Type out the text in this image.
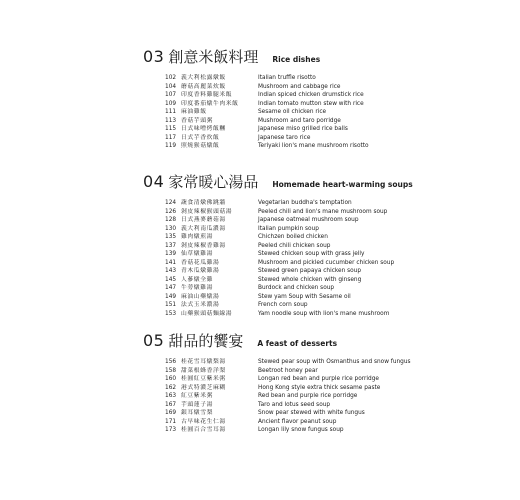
03 創意米飯料理 Rice dishes
102 義大利松露燉飯	Italian truffle risotto
104 蘑菇高麗菜炊飯	Mushroom and cabbage rice
107 印度香料雞腿米飯	Indian spiced chicken drumstick rice
109 印度番茄燉牛肉米飯	Indian tomato mutton stew with rice
111 麻油雞飯	Sesame oil chicken rice
113 香菇芋頭粥	Mushroom and taro porridge
115 日式味噌烤飯糰	Japanese miso grilled rice balls
117 日式芋香炊飯	Japanese taro rice
119 照燒猴菇燉飯	Teriyaki lion's mane mushroom risotto
04 家常暖心湯品 Homemade heart-warming soups
124 蔬食清燉佛跳牆	Vegetarian buddha's temptation
126 剝皮辣椒猴頭菇湯	Peeled chili and lion's mane mushroom soup
128 日式燕麥蘑菇湯	Japanese oatmeal mushroom soup
130 義大利南瓜濃湯	Italian pumpkin soup
135 雞肉燉煎湯	Chichzen boiled chicken
137 剝皮辣椒香雞湯	Peeled chili chicken soup
139 仙草燉雞湯	Stewed chicken soup with grass jelly
141 香菇花瓜雞湯	Mushroom and pickled cucumber chicken soup
143 青木瓜燉雞湯	Stewed green papaya chicken soup
145 人蔘燉全雞	Stewed whole chicken with ginseng
147 牛蒡燉雞湯	Burdock and chicken soup
149 麻油山藥燉湯	Stew yam Soup with Sesame oil
151 法式玉米濃湯	French corn soup
153 山藥猴頭菇麵線湯	Yam noodle soup with lion's mane mushroom
05 甜品的饗宴 A feast of desserts
156 桂花雪耳燉梨湯	Stewed pear soup with Osmanthus and snow fungus
158 甜菜根蜂香洋梨	Beetroot honey pear
160 桂圓紅豆紫米粥	Longan red bean and purple rice porridge
162 港式特濃芝麻糊	Hong Kong style extra thick sesame paste
163 紅豆紫米粥	Red bean and purple rice porridge
167 芋頭蓮子湯	Taro and lotus seed soup
169 銀耳燉雪梨	Snow pear stewed with white fungus
171 古早味花生仁湯	Ancient flavor peanut soup
173 桂圓百合雪耳湯	Longan lily snow fungus soup
